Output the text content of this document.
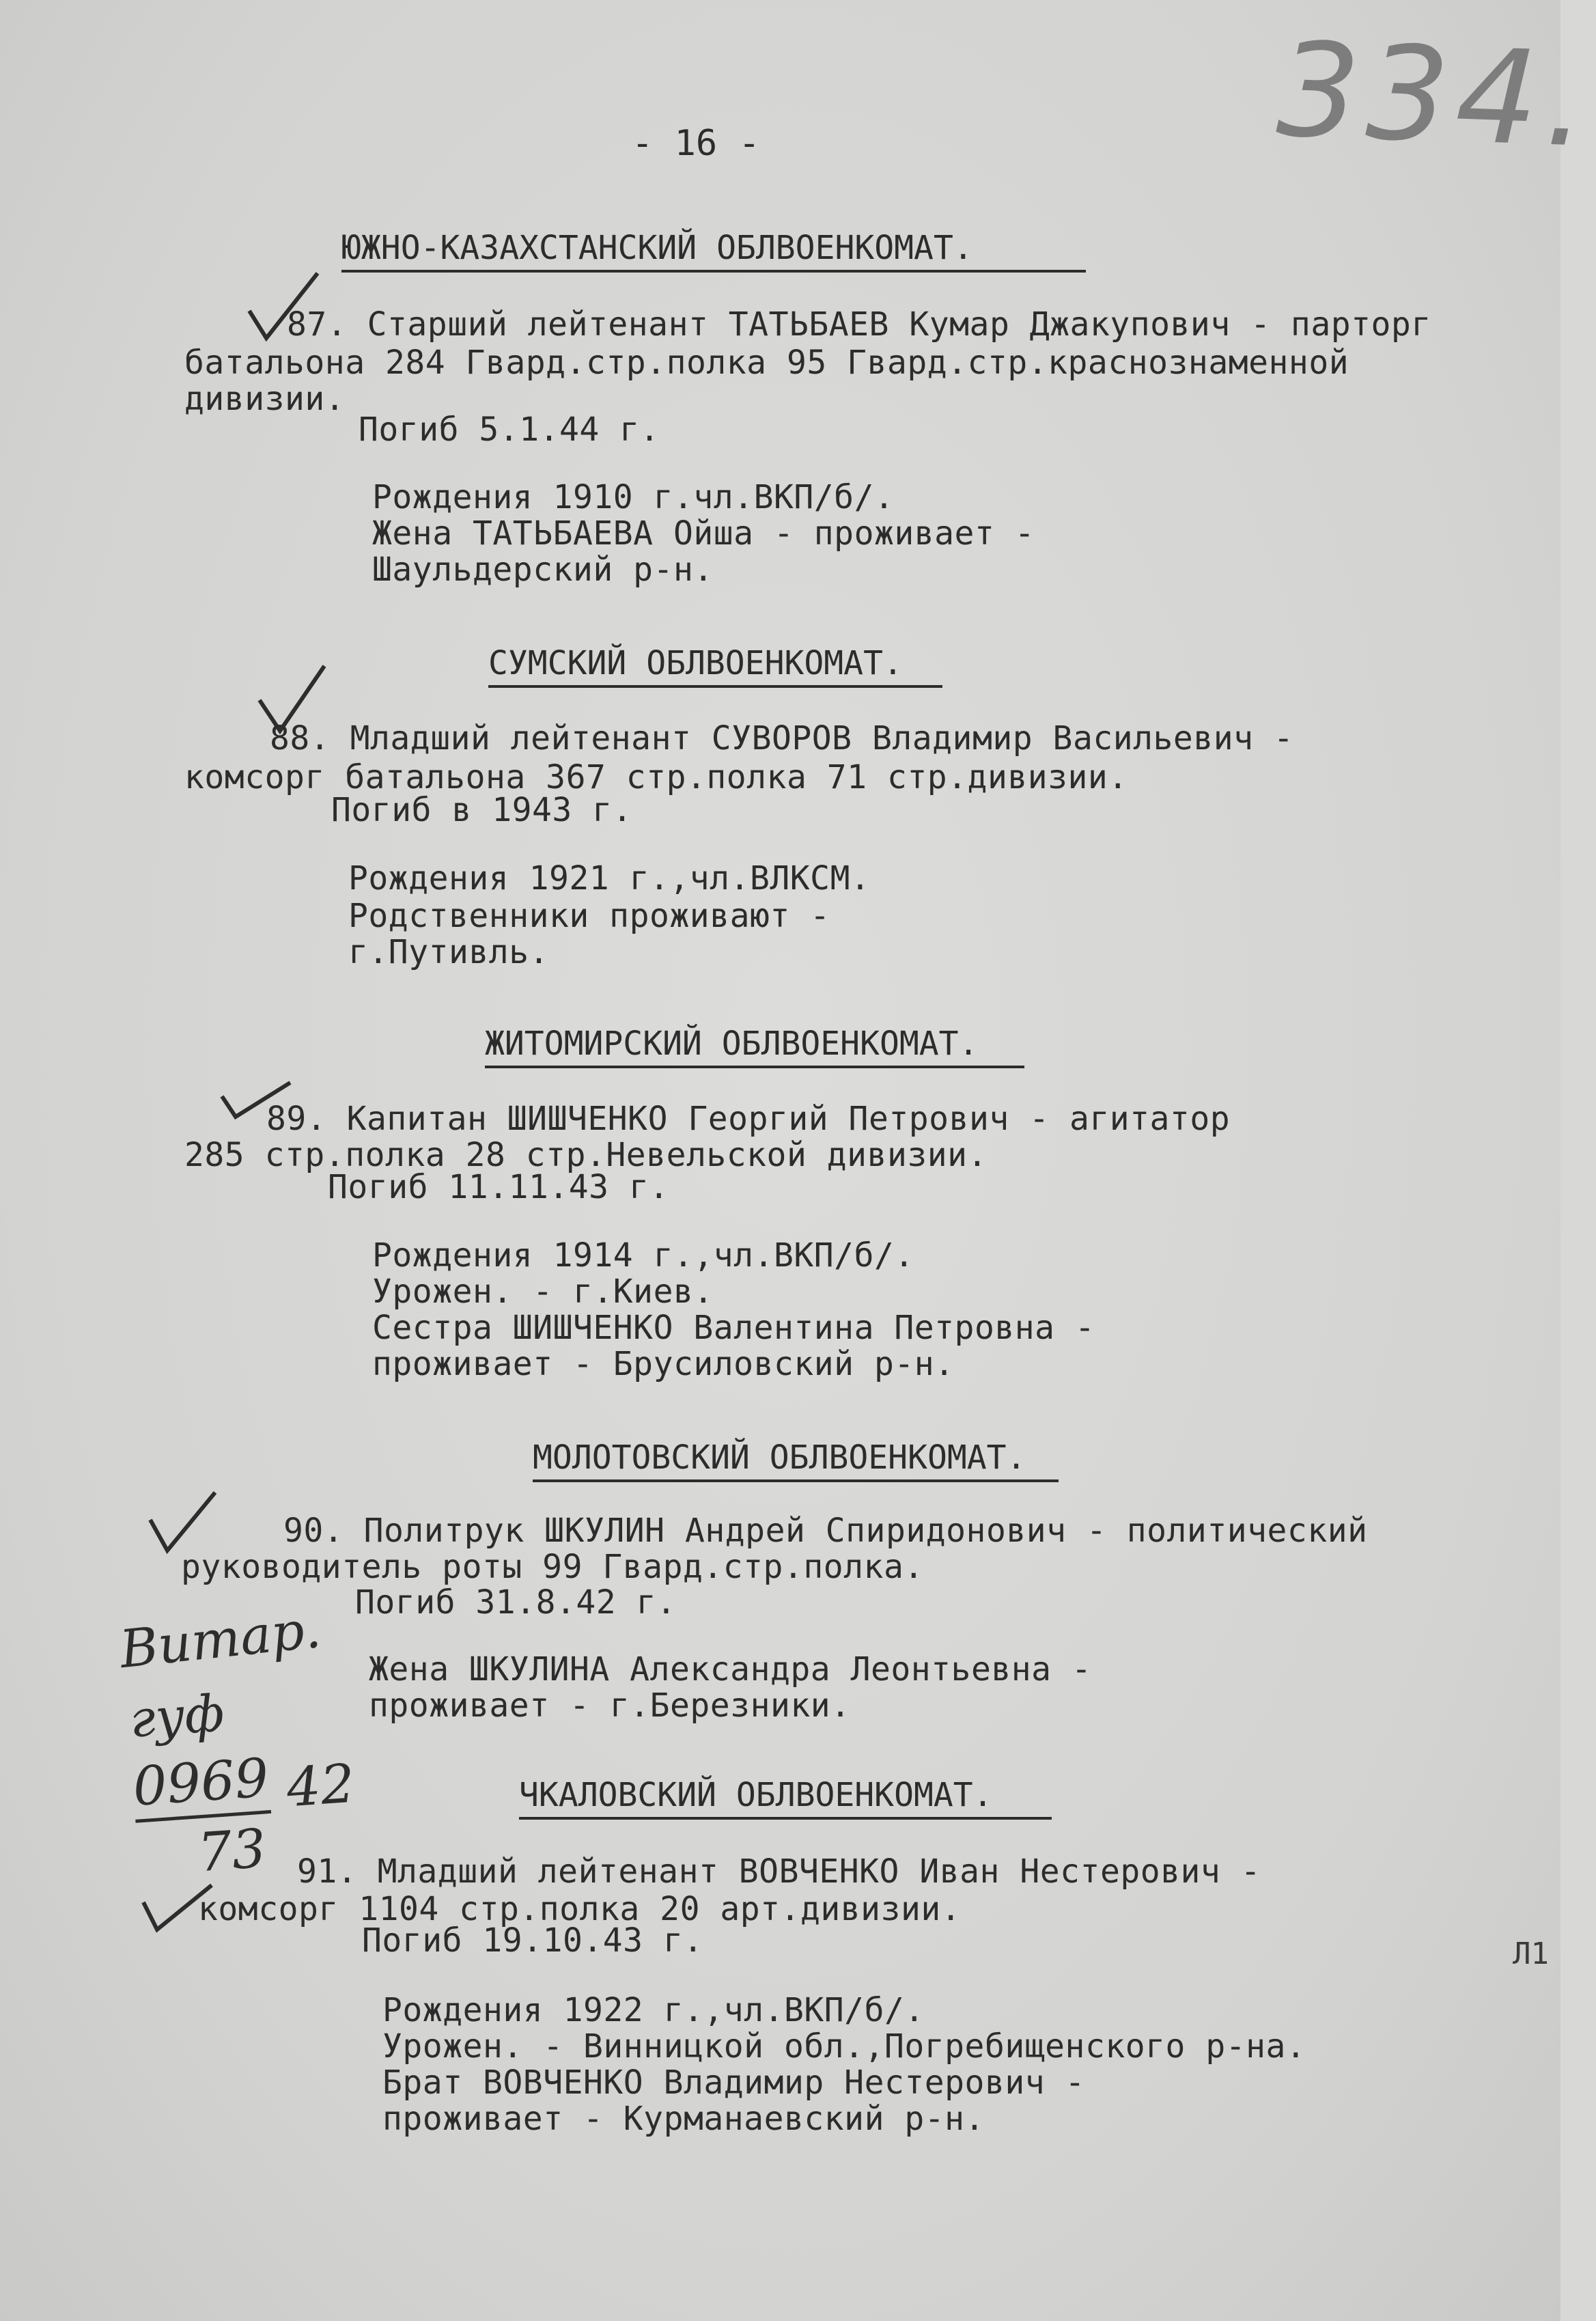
334.
- 16 -
ЮЖНО-КАЗАХСТАНСКИЙ ОБЛВОЕНКОМАТ.
87. Старший лейтенант ТАТЬБАЕВ Кумар Джакупович - парторг
батальона 284 Гвард.стр.полка 95 Гвард.стр.краснознаменной
дивизии.
Погиб 5.1.44 г.
Рождения 1910 г.чл.ВКП/б/.
Жена ТАТЬБАЕВА Ойша - проживает -
Шаульдерский р-н.
СУМСКИЙ ОБЛВОЕНКОМАТ.
88. Младший лейтенант СУВОРОВ Владимир Васильевич -
комсорг батальона 367 стр.полка 71 стр.дивизии.
Погиб в 1943 г.
Рождения 1921 г.,чл.ВЛКСМ.
Родственники проживают -
г.Путивль.
ЖИТОМИРСКИЙ ОБЛВОЕНКОМАТ.
89. Капитан ШИШЧЕНКО Георгий Петрович - агитатор
285 стр.полка 28 стр.Невельской дивизии.
Погиб 11.11.43 г.
Рождения 1914 г.,чл.ВКП/б/.
Урожен. - г.Киев.
Сестра ШИШЧЕНКО Валентина Петровна -
проживает - Брусиловский р-н.
МОЛОТОВСКИЙ ОБЛВОЕНКОМАТ.
90. Политрук ШКУЛИН Андрей Спиридонович - политический
руководитель роты 99 Гвард.стр.полка.
Погиб 31.8.42 г.
Жена ШКУЛИНА Александра Леонтьевна -
проживает - г.Березники.
Витар.
гуф
0969 42
73
ЧКАЛОВСКИЙ ОБЛВОЕНКОМАТ.
91. Младший лейтенант ВОВЧЕНКО Иван Нестерович -
комсорг 1104 стр.полка 20 арт.дивизии.
Погиб 19.10.43 г.
Рождения 1922 г.,чл.ВКП/б/.
Урожен. - Винницкой обл.,Погребищенского р-на.
Брат ВОВЧЕНКО Владимир Нестерович -
проживает - Курманаевский р-н.
Л1
